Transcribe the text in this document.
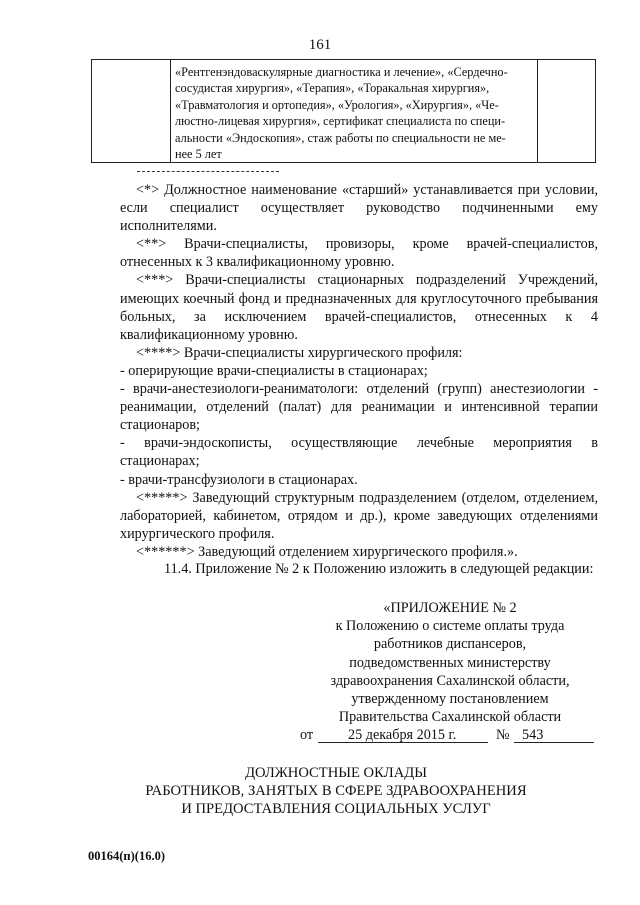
161

«Рентгенэндоваскулярные диагностика и лечение», «Сердечно-

сосудистая хирургия», «Терапия», «Торакальная хирургия»,

«Травматология и ортопедия», «Урология», «Хирургия», «Че-

люстно-лицевая хирургия», сертификат специалиста по специ-

альности «Эндоскопия», стаж работы по специальности не ме-

нее 5 лет

<*> Должностное наименование «старший» устанавливается при условии, если специалист осуществляет руководство подчиненными ему исполнителями.

<**> Врачи-специалисты, провизоры, кроме врачей-специалистов, отнесенных к 3 квалификационному уровню.

<***> Врачи-специалисты стационарных подразделений Учреждений, имеющих коечный фонд и предназначенных для круглосуточного пребывания больных, за исключением врачей-специалистов, отнесенных к 4 квалификационному уровню.

<****> Врачи-специалисты хирургического профиля:

- оперирующие врачи-специалисты в стационарах;

- врачи-анестезиологи-реаниматологи: отделений (групп) анестезиологии - реанимации, отделений (палат) для реанимации и интенсивной терапии стационаров;

- врачи-эндоскописты, осуществляющие лечебные мероприятия в стационарах;

- врачи-трансфузиологи в стационарах.

<*****> Заведующий структурным подразделением (отделом, отделением, лабораторией, кабинетом, отрядом и др.), кроме заведующих отделениями хирургического профиля.

<******> Заведующий отделением хирургического профиля.».

11.4. Приложение № 2 к Положению изложить в следующей редакции:

«ПРИЛОЖЕНИЕ № 2

к Положению о системе оплаты труда

работников диспансеров,

подведомственных министерству

здравоохранения Сахалинской области,

утвержденному постановлением

Правительства Сахалинской области

от 25 декабря 2015 г.	№ 543

ДОЛЖНОСТНЫЕ ОКЛАДЫ

РАБОТНИКОВ, ЗАНЯТЫХ В СФЕРЕ ЗДРАВООХРАНЕНИЯ

И ПРЕДОСТАВЛЕНИЯ СОЦИАЛЬНЫХ УСЛУГ

00164(п)(16.0)
